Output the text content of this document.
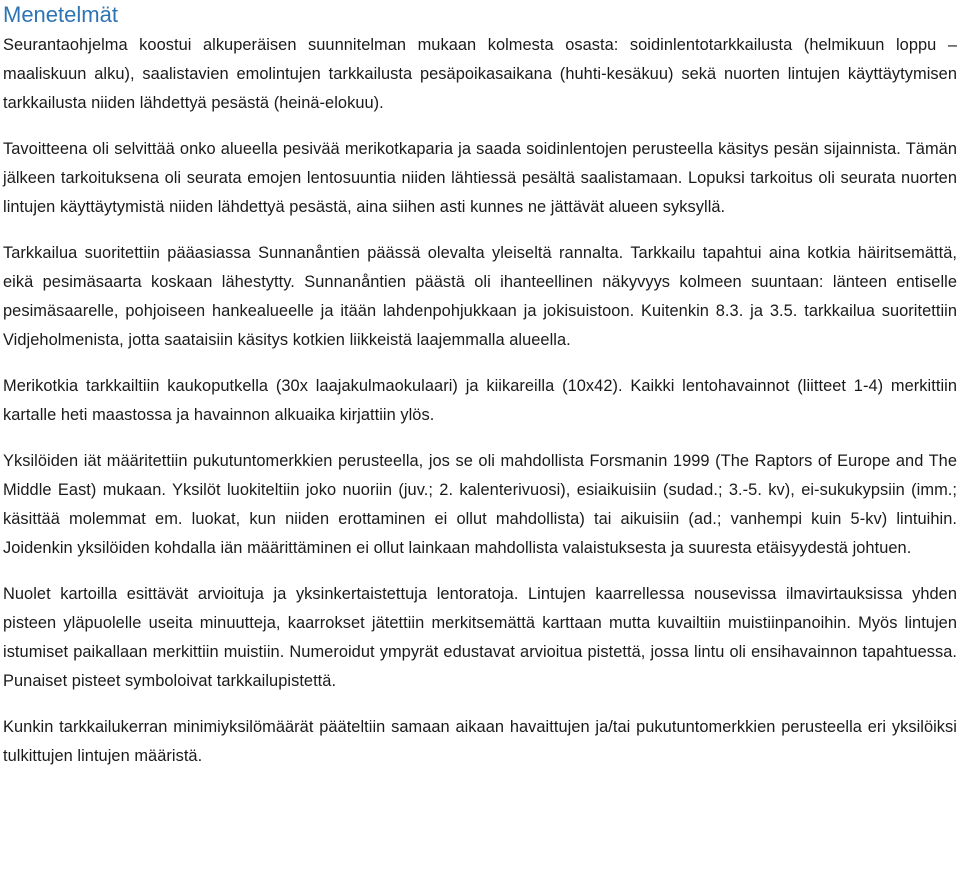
Menetelmät

Seurantaohjelma koostui alkuperäisen suunnitelman mukaan kolmesta osasta: soidinlentotarkkailusta (helmikuun loppu – maaliskuun alku), saalistavien emolintujen tarkkailusta pesäpoikasaikana (huhti-kesäkuu) sekä nuorten lintujen käyttäytymisen tarkkailusta niiden lähdettyä pesästä (heinä-elokuu).

Tavoitteena oli selvittää onko alueella pesivää merikotkaparia ja saada soidinlentojen perusteella käsitys pesän sijainnista. Tämän jälkeen tarkoituksena oli seurata emojen lentosuuntia niiden lähtiessä pesältä saalistamaan. Lopuksi tarkoitus oli seurata nuorten lintujen käyttäytymistä niiden lähdettyä pesästä, aina siihen asti kunnes ne jättävät alueen syksyllä.

Tarkkailua suoritettiin pääasiassa Sunnanåntien päässä olevalta yleiseltä rannalta. Tarkkailu tapahtui aina kotkia häiritsemättä, eikä pesimäsaarta koskaan lähestytty. Sunnanåntien päästä oli ihanteellinen näkyvyys kolmeen suuntaan: länteen entiselle pesimäsaarelle, pohjoiseen hankealueelle ja itään lahdenpohjukkaan ja jokisuistoon. Kuitenkin 8.3. ja 3.5. tarkkailua suoritettiin Vidjeholmenista, jotta saataisiin käsitys kotkien liikkeistä laajemmalla alueella.

Merikotkia tarkkailtiin kaukoputkella (30x laajakulmaokulaari) ja kiikareilla (10x42). Kaikki lentohavainnot (liitteet 1-4) merkittiin kartalle heti maastossa ja havainnon alkuaika kirjattiin ylös.

Yksilöiden iät määritettiin pukutuntomerkkien perusteella, jos se oli mahdollista Forsmanin 1999 (The Raptors of Europe and The Middle East) mukaan. Yksilöt luokiteltiin joko nuoriin (juv.; 2. kalenterivuosi), esiaikuisiin (sudad.; 3.-5. kv), ei-sukukypsiin (imm.; käsittää molemmat em. luokat, kun niiden erottaminen ei ollut mahdollista) tai aikuisiin (ad.; vanhempi kuin 5-kv) lintuihin. Joidenkin yksilöiden kohdalla iän määrittäminen ei ollut lainkaan mahdollista valaistuksesta ja suuresta etäisyydestä johtuen.

Nuolet kartoilla esittävät arvioituja ja yksinkertaistettuja lentoratoja. Lintujen kaarrellessa nousevissa ilmavirtauksissa yhden pisteen yläpuolelle useita minuutteja, kaarrokset jätettiin merkitsemättä karttaan mutta kuvailtiin muistiinpanoihin. Myös lintujen istumiset paikallaan merkittiin muistiin. Numeroidut ympyrät edustavat arvioitua pistettä, jossa lintu oli ensihavainnon tapahtuessa. Punaiset pisteet symboloivat tarkkailupistettä.

Kunkin tarkkailukerran minimiyksilömäärät pääteltiin samaan aikaan havaittujen ja/tai pukutuntomerkkien perusteella eri yksilöiksi tulkittujen lintujen määristä.
